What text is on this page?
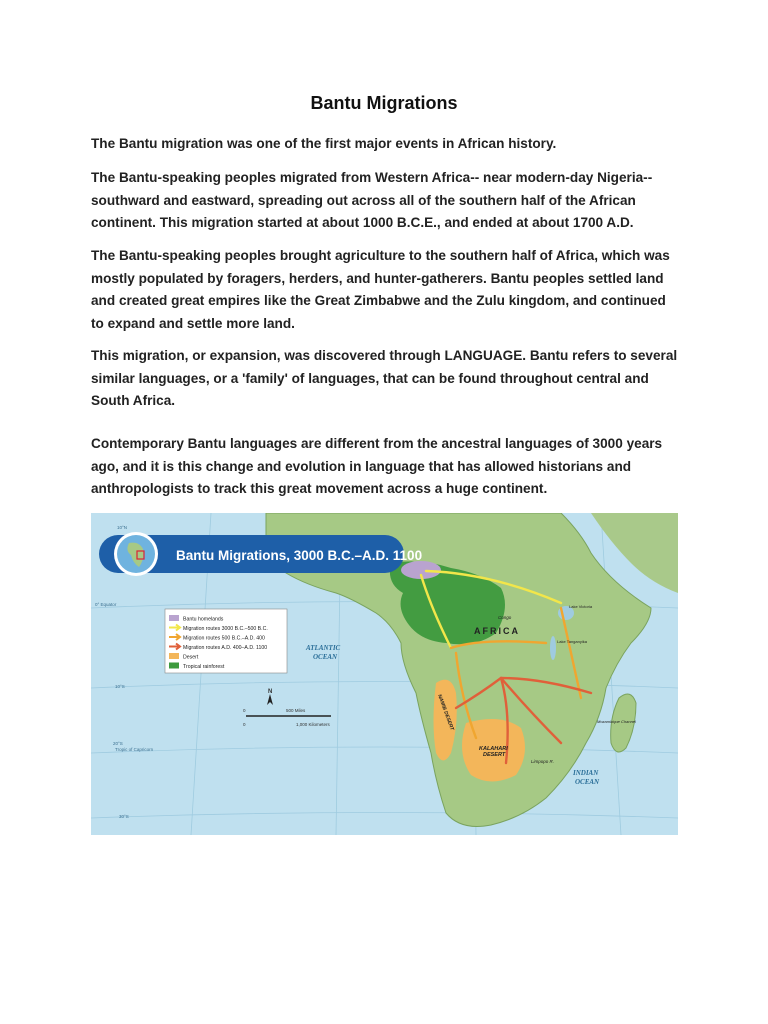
Bantu Migrations

The Bantu migration was one of the first major events in African history.

The Bantu-speaking peoples migrated from Western Africa-- near modern-day Nigeria-- southward and eastward, spreading out across all of the southern half of the African continent. This migration started at about 1000 B.C.E., and ended at about 1700 A.D.

The Bantu-speaking peoples brought agriculture to the southern half of Africa, which was mostly populated by foragers, herders, and hunter-gatherers. Bantu peoples settled land and created great empires like the Great Zimbabwe and the Zulu kingdom, and continued to expand and settle more land.

This migration, or expansion, was discovered through LANGUAGE. Bantu refers to several similar languages, or a 'family' of languages, that can be found throughout central and South Africa.

Contemporary Bantu languages are different from the ancestral languages of 3000 years ago, and it is this change and evolution in language that has allowed historians and anthropologists to track this great movement across a huge continent.

Bantu Migrations, 3000 B.C.–A.D. 1100
Bantu homelands
Migration routes 3000 B.C.–500 B.C.
Migration routes 500 B.C.–A.D. 400
Migration routes A.D. 400–A.D. 1100
Desert
Tropical rainforest
N
0	500 Miles
0	1,000 Kilometers
ATLANTIC
OCEAN
INDIAN
OCEAN
AFRICA
KALAHARI
DESERT
NAMIB DESERT
Lake Victoria
Lake Tanganyika
Mozambique Channel
Congo
Limpopo R.
0° Equator
Tropic of Capricorn
10°N
10°S
20°S
30°S
